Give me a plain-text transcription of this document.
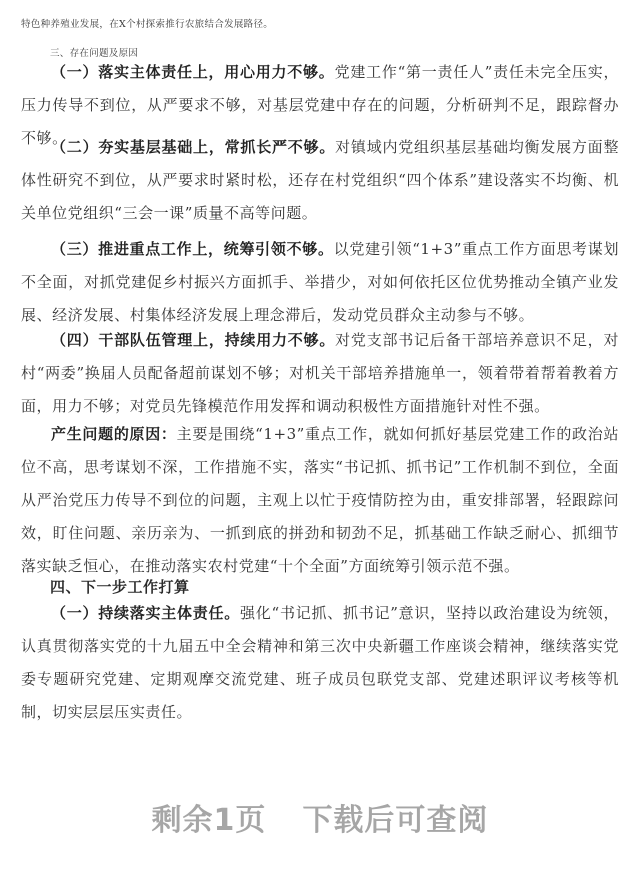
特色种养殖业发展，在X个村探索推行农旅结合发展路径。
三、存在问题及原因
（一）落实主体责任上，用心用力不够。党建工作“第一责任人”责任未完全压实，压力传导不到位，从严要求不够，对基层党建中存在的问题，分析研判不足，跟踪督办不够。
（二）夯实基层基础上，常抓长严不够。对镇域内党组织基层基础均衡发展方面整体性研究不到位，从严要求时紧时松，还存在村党组织“四个体系”建设落实不均衡、机关单位党组织“三会一课”质量不高等问题。
（三）推进重点工作上，统筹引领不够。以党建引领“1+3”重点工作方面思考谋划不全面，对抓党建促乡村振兴方面抓手、举措少，对如何依托区位优势推动全镇产业发展、经济发展、村集体经济发展上理念滞后，发动党员群众主动参与不够。
（四）干部队伍管理上，持续用力不够。对党支部书记后备干部培养意识不足，对村“两委”换届人员配备超前谋划不够；对机关干部培养措施单一，领着带着帮着教着方面，用力不够；对党员先锋模范作用发挥和调动积极性方面措施针对性不强。
产生问题的原因：主要是围绕“1+3”重点工作，就如何抓好基层党建工作的政治站位不高，思考谋划不深，工作措施不实，落实“书记抓、抓书记”工作机制不到位，全面从严治党压力传导不到位的问题，主观上以忙于疫情防控为由，重安排部署，轻跟踪问效，盯住问题、亲历亲为、一抓到底的拼劲和韧劲不足，抓基础工作缺乏耐心、抓细节落实缺乏恒心，在推动落实农村党建“十个全面”方面统筹引领示范不强。
四、下一步工作打算
（一）持续落实主体责任。强化“书记抓、抓书记”意识，坚持以政治建设为统领，认真贯彻落实党的十九届五中全会精神和第三次中央新疆工作座谈会精神，继续落实党委专题研究党建、定期观摩交流党建、班子成员包联党支部、党建述职评议考核等机制，切实层层压实责任。
剩余1页 下载后可查阅
